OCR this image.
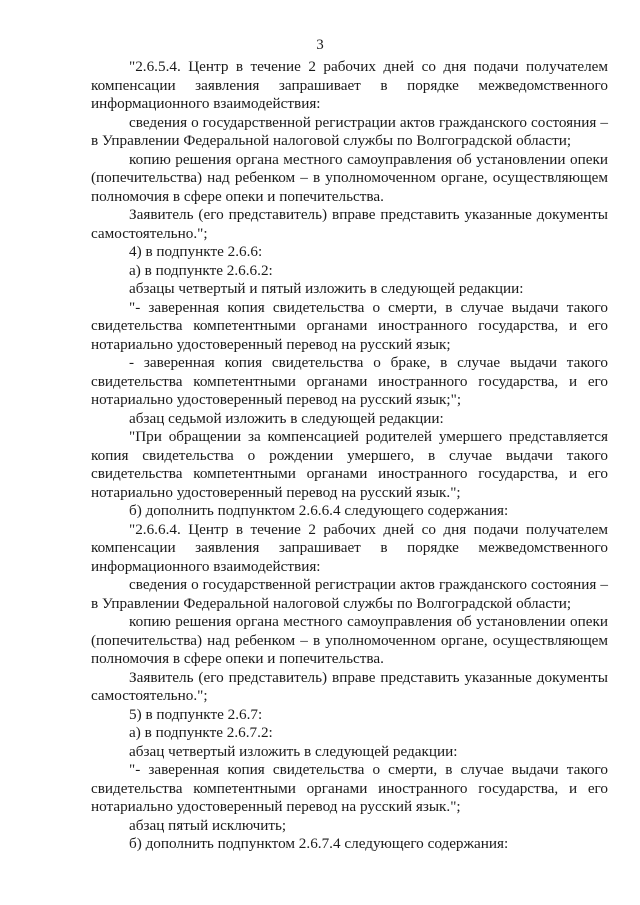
3

"2.6.5.4. Центр в течение 2 рабочих дней со дня подачи получателем компенсации заявления запрашивает в порядке межведомственного информационного взаимодействия:

сведения о государственной регистрации актов гражданского состояния – в Управлении Федеральной налоговой службы по Волгоградской области;

копию решения органа местного самоуправления об установлении опеки (попечительства) над ребенком – в уполномоченном органе, осуществляющем полномочия в сфере опеки и попечительства.

Заявитель (его представитель) вправе представить указанные документы самостоятельно.";

4) в подпункте 2.6.6:

а) в подпункте 2.6.6.2:

абзацы четвертый и пятый изложить в следующей редакции:

"- заверенная копия свидетельства о смерти, в случае выдачи такого свидетельства компетентными органами иностранного государства, и его нотариально удостоверенный перевод на русский язык;

- заверенная копия свидетельства о браке, в случае выдачи такого свидетельства компетентными органами иностранного государства, и его нотариально удостоверенный перевод на русский язык;";

абзац седьмой изложить в следующей редакции:

"При обращении за компенсацией родителей умершего представляется копия свидетельства о рождении умершего, в случае выдачи такого свидетельства компетентными органами иностранного государства, и его нотариально удостоверенный перевод на русский язык.";

б) дополнить подпунктом 2.6.6.4 следующего содержания:

"2.6.6.4. Центр в течение 2 рабочих дней со дня подачи получателем компенсации заявления запрашивает в порядке межведомственного информационного взаимодействия:

сведения о государственной регистрации актов гражданского состояния – в Управлении Федеральной налоговой службы по Волгоградской области;

копию решения органа местного самоуправления об установлении опеки (попечительства) над ребенком – в уполномоченном органе, осуществляющем полномочия в сфере опеки и попечительства.

Заявитель (его представитель) вправе представить указанные документы самостоятельно.";

5) в подпункте 2.6.7:

а) в подпункте 2.6.7.2:

абзац четвертый изложить в следующей редакции:

"- заверенная копия свидетельства о смерти, в случае выдачи такого свидетельства компетентными органами иностранного государства, и его нотариально удостоверенный перевод на русский язык.";

абзац пятый исключить;

б) дополнить подпунктом 2.6.7.4 следующего содержания:
